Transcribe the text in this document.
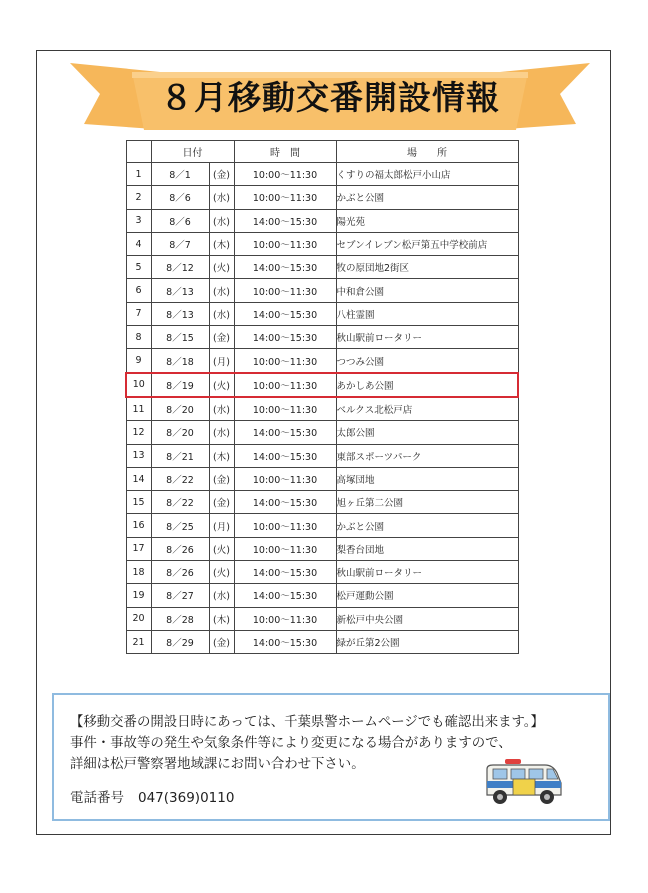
８月移動交番開設情報
	日付		時　間	場　　所
1	8／1	(金)	10:00〜11:30	くすりの福太郎松戸小山店
2	8／6	(水)	10:00〜11:30	かぶと公園
3	8／6	(水)	14:00〜15:30	陽光苑
4	8／7	(木)	10:00〜11:30	セブンイレブン松戸第五中学校前店
5	8／12	(火)	14:00〜15:30	牧の原団地2街区
6	8／13	(水)	10:00〜11:30	中和倉公園
7	8／13	(水)	14:00〜15:30	八柱霊園
8	8／15	(金)	14:00〜15:30	秋山駅前ロータリー
9	8／18	(月)	10:00〜11:30	つつみ公園
10	8／19	(火)	10:00〜11:30	あかしあ公園
11	8／20	(水)	10:00〜11:30	ベルクス北松戸店
12	8／20	(水)	14:00〜15:30	太郎公園
13	8／21	(木)	14:00〜15:30	東部スポーツパーク
14	8／22	(金)	10:00〜11:30	高塚団地
15	8／22	(金)	14:00〜15:30	旭ヶ丘第二公園
16	8／25	(月)	10:00〜11:30	かぶと公園
17	8／26	(火)	10:00〜11:30	梨香台団地
18	8／26	(火)	14:00〜15:30	秋山駅前ロータリー
19	8／27	(水)	14:00〜15:30	松戸運動公園
20	8／28	(木)	10:00〜11:30	新松戸中央公園
21	8／29	(金)	14:00〜15:30	緑が丘第2公園
【移動交番の開設日時にあっては、千葉県警ホームページでも確認出来ます。】
事件・事故等の発生や気象条件等により変更になる場合がありますので、
詳細は松戸警察署地域課にお問い合わせ下さい。
電話番号 047(369)0110
